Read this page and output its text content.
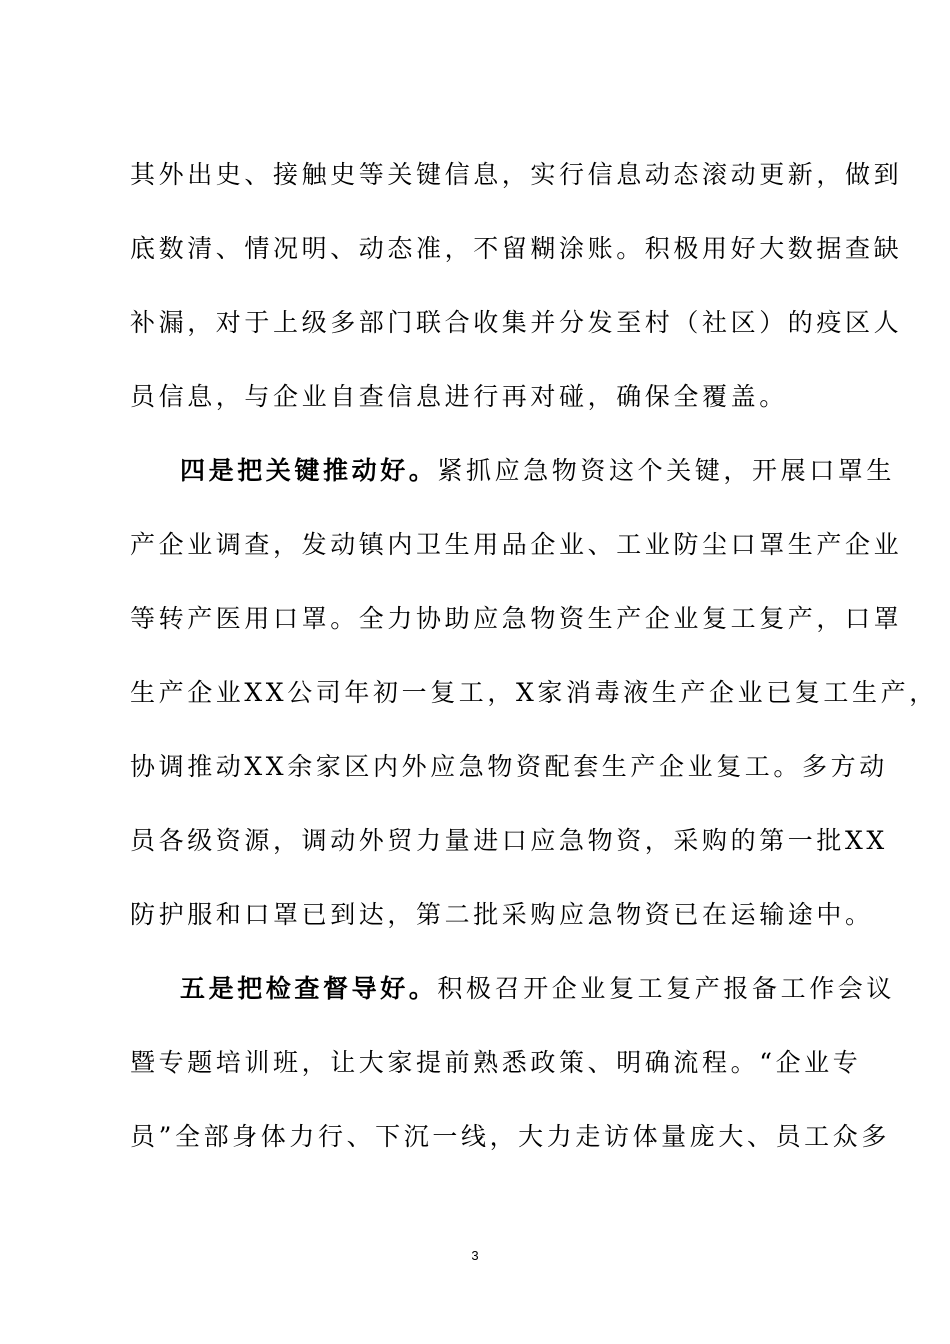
其外出史、接触史等关键信息，实行信息动态滚动更新，做到
底数清、情况明、动态准，不留糊涂账。积极用好大数据查缺
补漏，对于上级多部门联合收集并分发至村（社区）的疫区人
员信息，与企业自查信息进行再对碰，确保全覆盖。
四是把关键推动好。紧抓应急物资这个关键，开展口罩生
产企业调查，发动镇内卫生用品企业、工业防尘口罩生产企业
等转产医用口罩。全力协助应急物资生产企业复工复产，口罩
生产企业XX公司年初一复工，X家消毒液生产企业已复工生产，
协调推动XX余家区内外应急物资配套生产企业复工。多方动
员各级资源，调动外贸力量进口应急物资，采购的第一批XX
防护服和口罩已到达，第二批采购应急物资已在运输途中。
五是把检查督导好。积极召开企业复工复产报备工作会议
暨专题培训班，让大家提前熟悉政策、明确流程。“企业专
员”全部身体力行、下沉一线，大力走访体量庞大、员工众多
3
